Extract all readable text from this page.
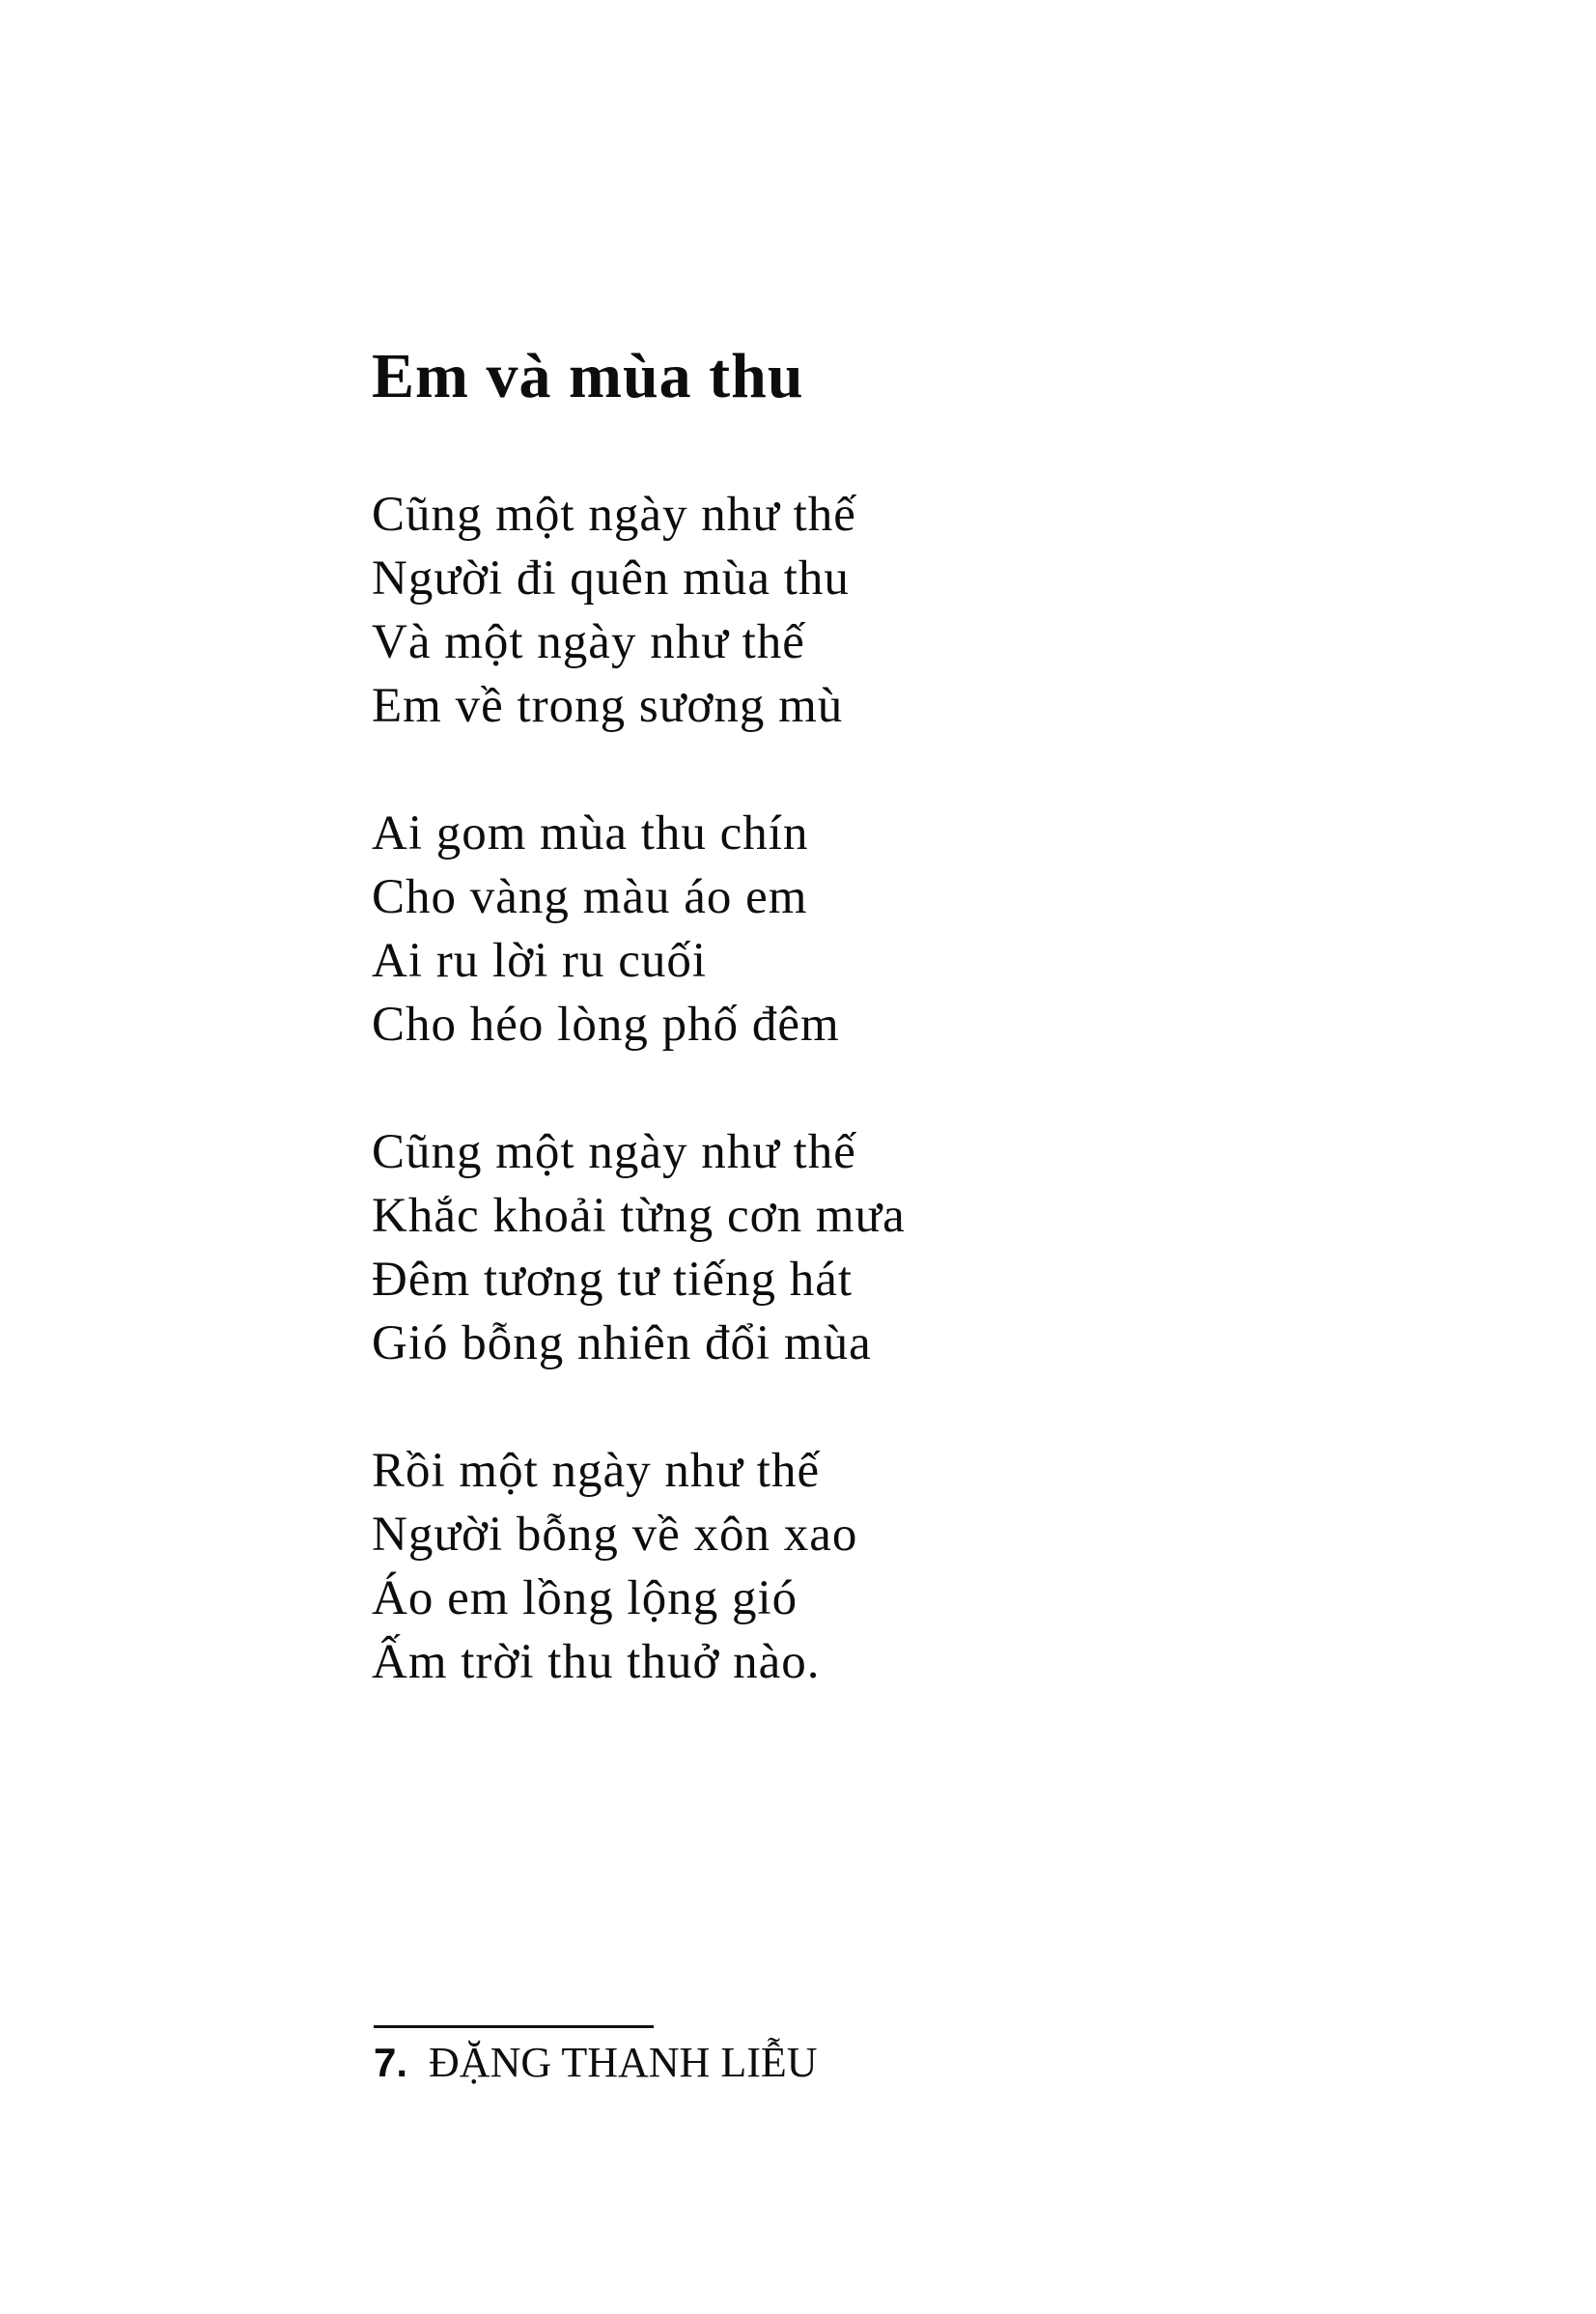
Em và mùa thu
Cũng một ngày như thế
Người đi quên mùa thu
Và một ngày như thế
Em về trong sương mù
Ai gom mùa thu chín
Cho vàng màu áo em
Ai ru lời ru cuối
Cho héo lòng phố đêm
Cũng một ngày như thế
Khắc khoải từng cơn mưa
Đêm tương tư tiếng hát
Gió bỗng nhiên đổi mùa
Rồi một ngày như thế
Người bỗng về xôn xao
Áo em lồng lộng gió
Ấm trời thu thuở nào.
7. ĐẶNG THANH LIỄU
